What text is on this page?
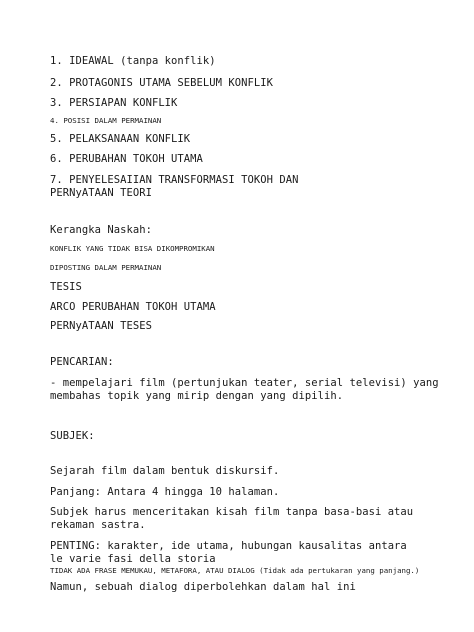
1. IDEAWAL (tanpa konflik)
2. PROTAGONIS UTAMA SEBELUM KONFLIK
3. PERSIAPAN KONFLIK
4. POSISI DALAM PERMAINAN
5. PELAKSANAAN KONFLIK
6. PERUBAHAN TOKOH UTAMA
7. PENYELESAIIAN TRANSFORMASI TOKOH DAN
PERNyATAAN TEORI
Kerangka Naskah:
KONFLIK YANG TIDAK BISA DIKOMPROMIKAN
DIPOSTING DALAM PERMAINAN
TESIS
ARCO PERUBAHAN TOKOH UTAMA
PERNyATAAN TESES
PENCARIAN:
- mempelajari film (pertunjukan teater, serial televisi) yang
membahas topik yang mirip dengan yang dipilih.
SUBJEK:
Sejarah film dalam bentuk diskursif.
Panjang: Antara 4 hingga 10 halaman.
Subjek harus menceritakan kisah film tanpa basa-basi atau
rekaman sastra.
PENTING: karakter, ide utama, hubungan kausalitas antara
le varie fasi della storia
TIDAK ADA FRASE MEMUKAU, METAFORA, ATAU DIALOG (Tidak ada pertukaran yang panjang.)
Namun, sebuah dialog diperbolehkan dalam hal ini
